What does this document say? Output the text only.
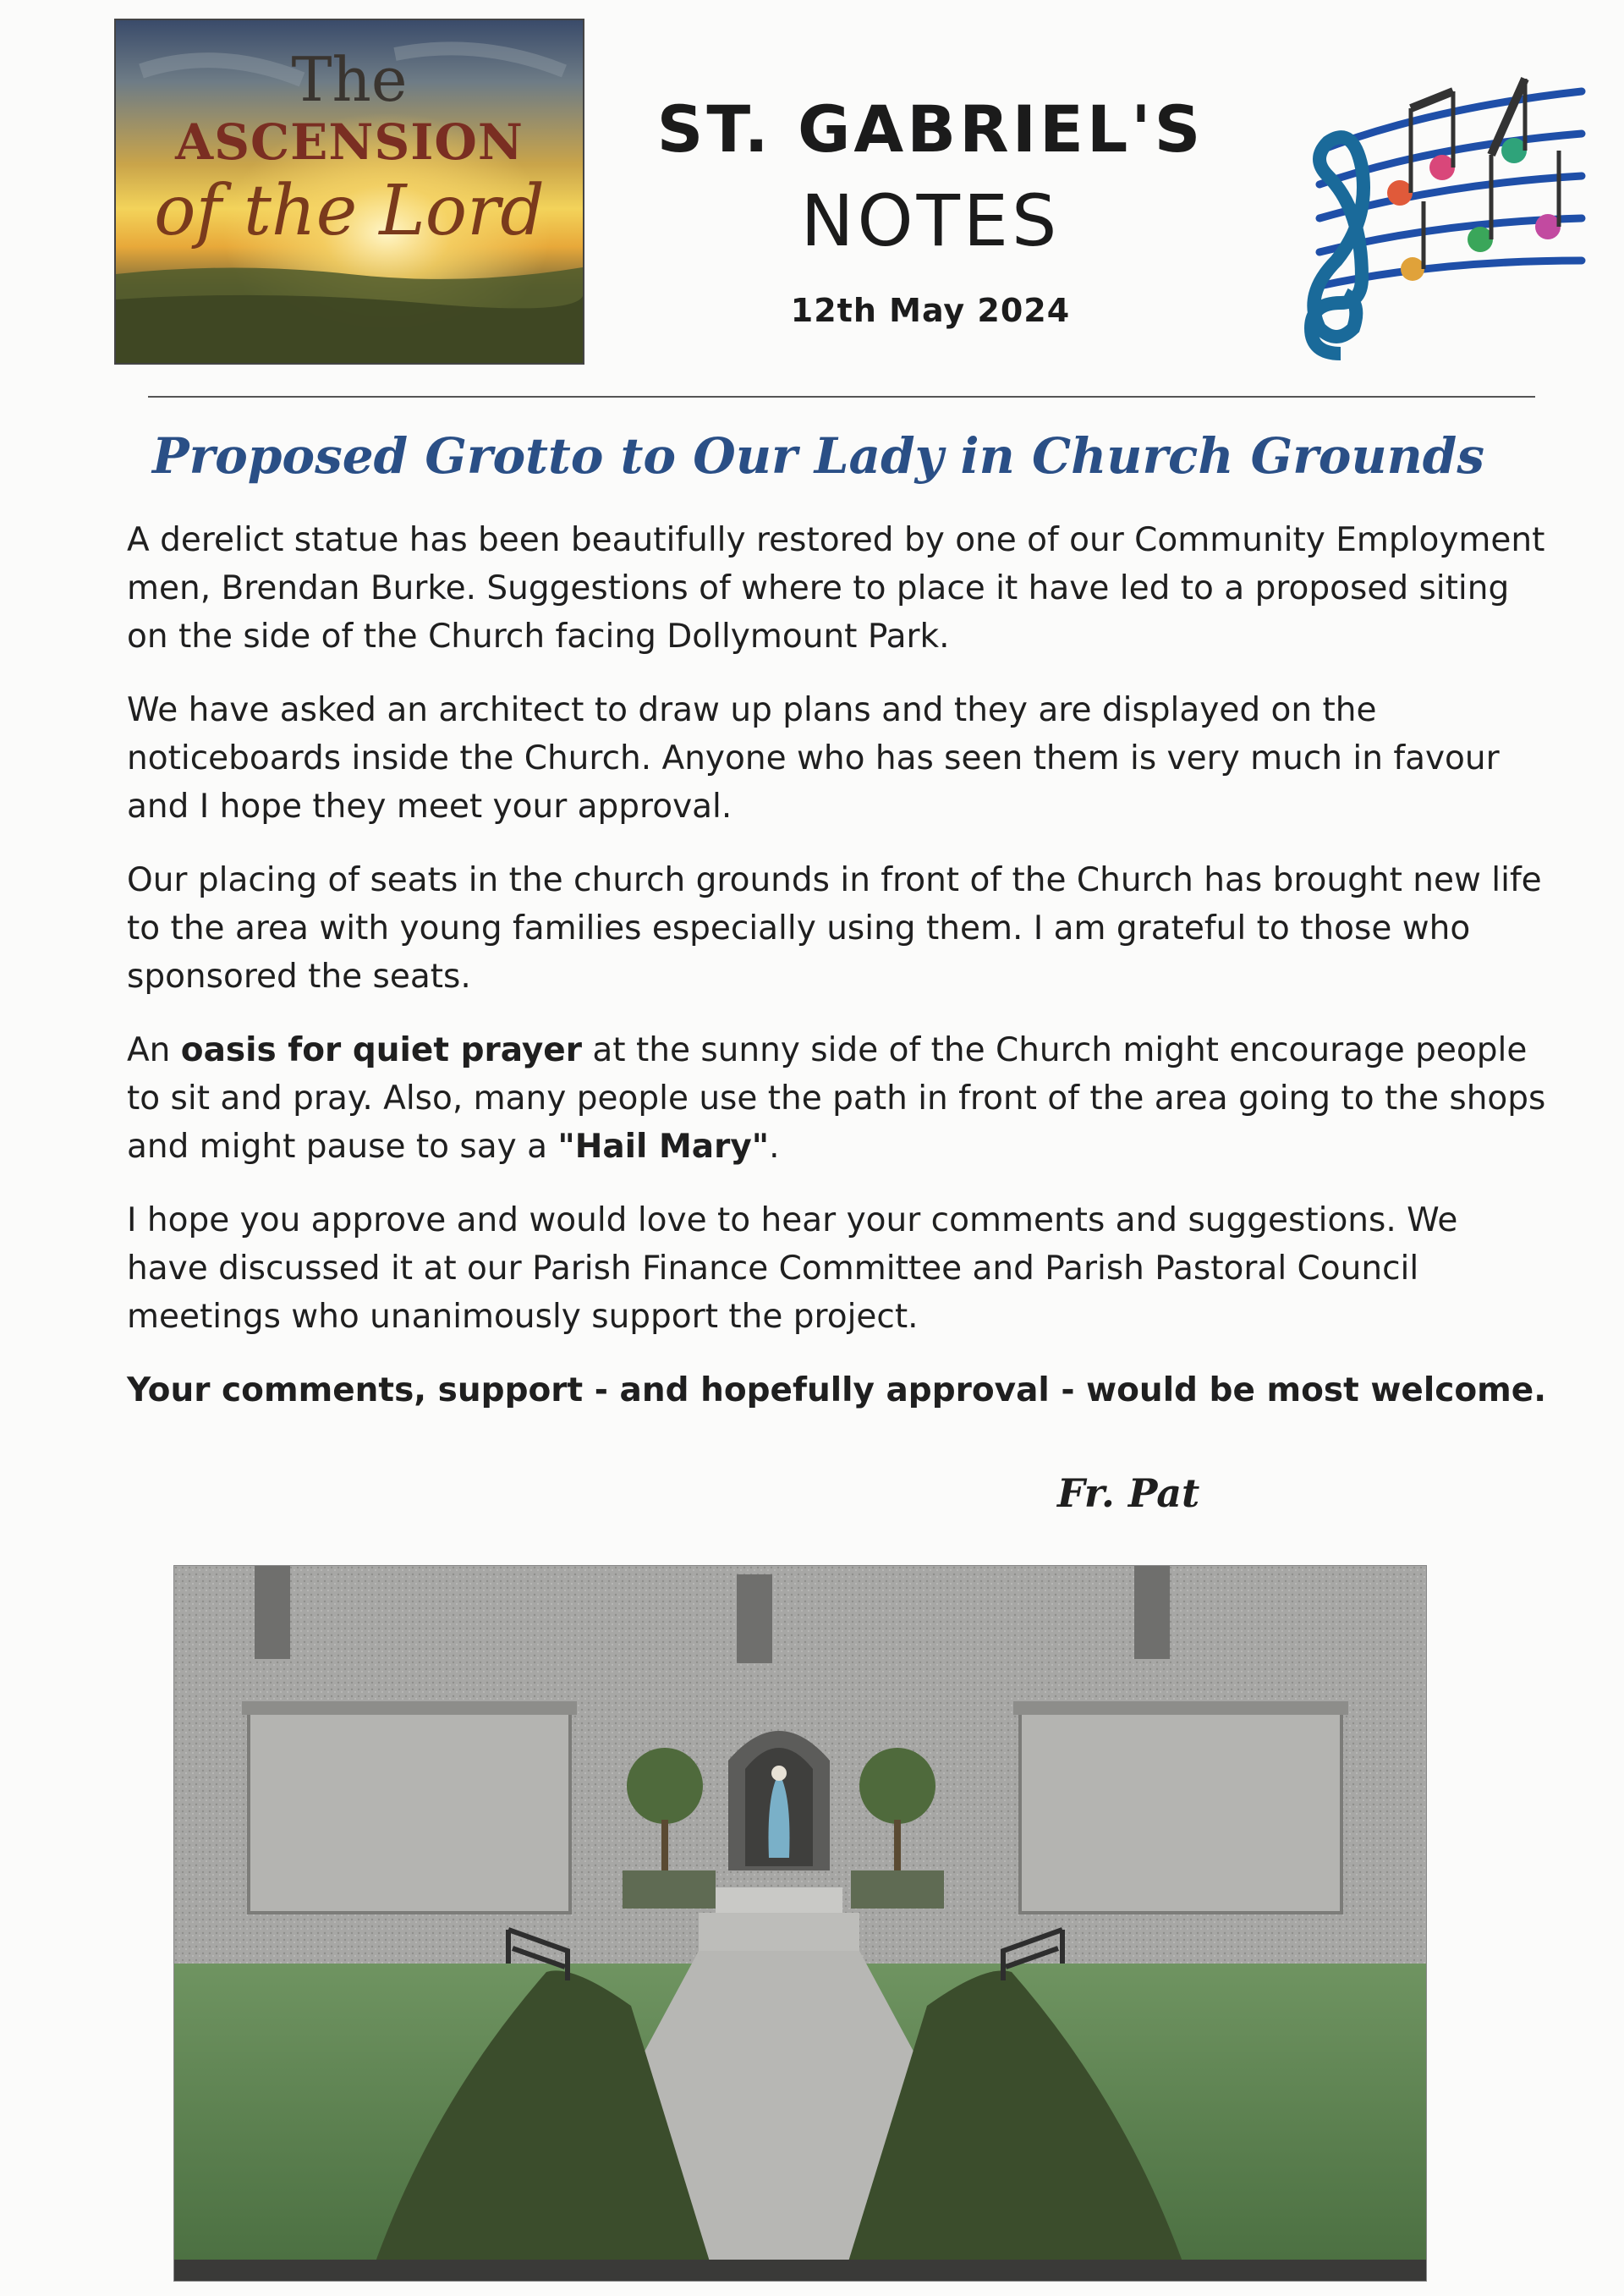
The
ASCENSION
of the Lord
ST. GABRIEL'S
NOTES
12th May 2024
Proposed Grotto to Our Lady in Church Grounds

A derelict statue has been beautifully restored by one of our Community Employment men, Brendan Burke. Suggestions of where to place it have led to a proposed siting on the side of the Church facing Dollymount Park.

We have asked an architect to draw up plans and they are displayed on the noticeboards inside the Church. Anyone who has seen them is very much in favour and I hope they meet your approval.

Our placing of seats in the church grounds in front of the Church has brought new life to the area with young families especially using them. I am grateful to those who sponsored the seats.

An oasis for quiet prayer at the sunny side of the Church might encourage people to sit and pray. Also, many people use the path in front of the area going to the shops and might pause to say a "Hail Mary".

I hope you approve and would love to hear your comments and suggestions. We have discussed it at our Parish Finance Committee and Parish Pastoral Council meetings who unanimously support the project.

Your comments, support - and hopefully approval - would be most welcome.

Fr. Pat
